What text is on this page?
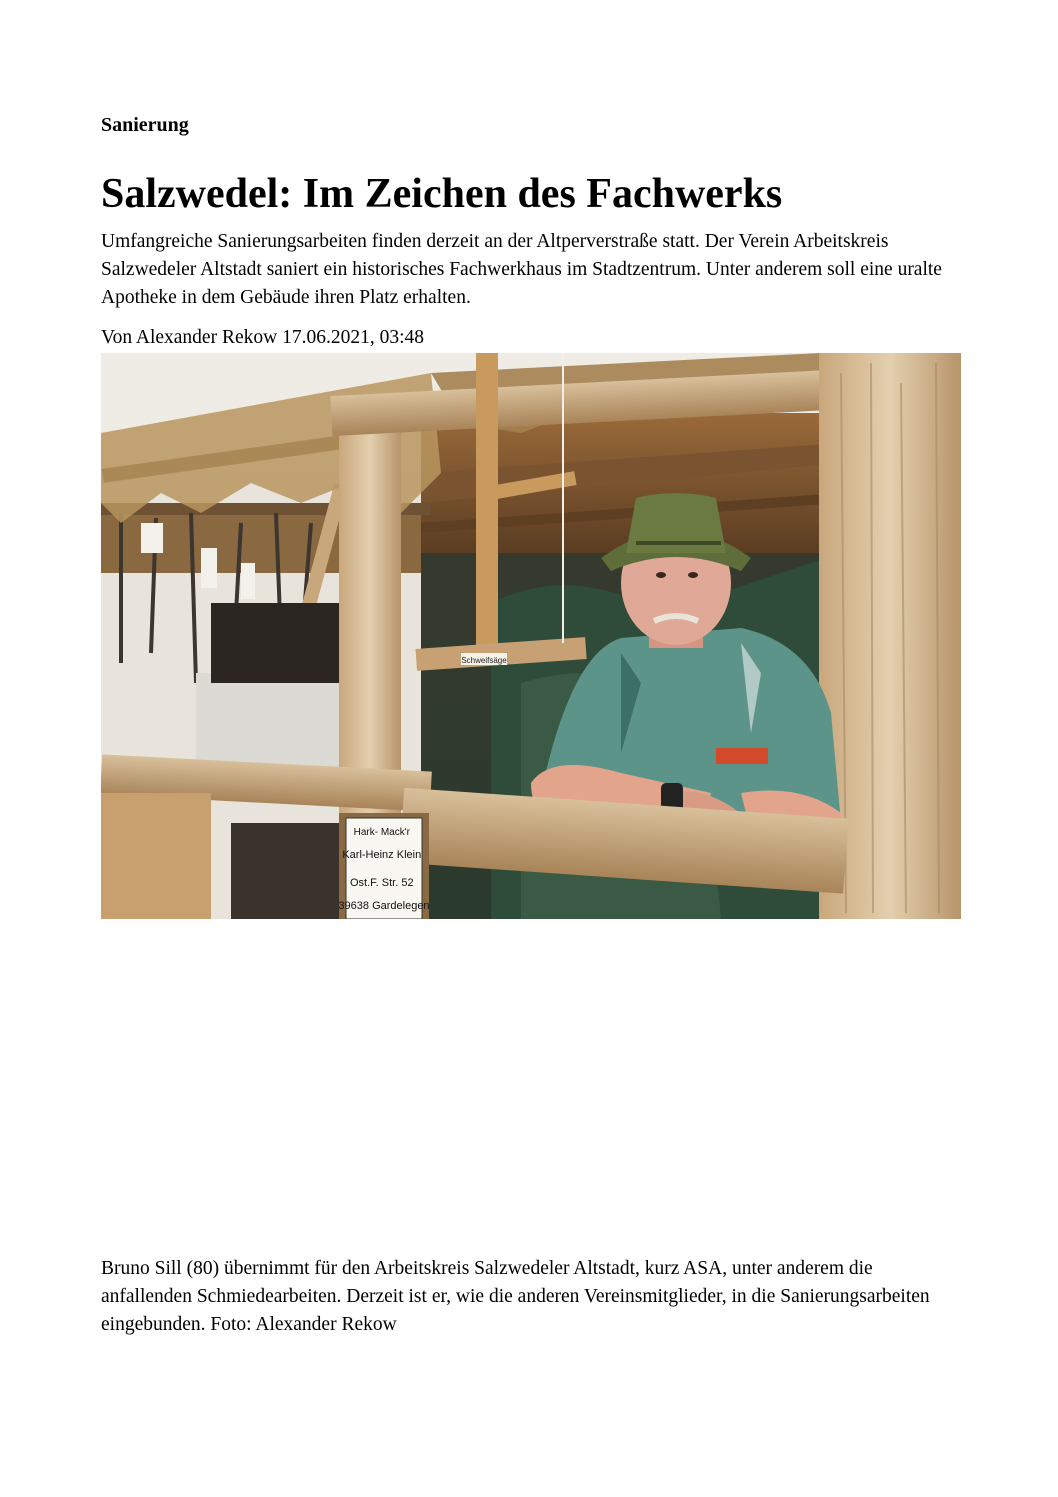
Sanierung

Salzwedel: Im Zeichen des Fachwerks

Umfangreiche Sanierungsarbeiten finden derzeit an der Altperverstraße statt. Der Verein Arbeitskreis Salzwedeler Altstadt saniert ein historisches Fachwerkhaus im Stadtzentrum. Unter anderem soll eine uralte Apotheke in dem Gebäude ihren Platz erhalten.

Von Alexander Rekow 17.06.2021, 03:48

Schweifsäge
Hark- Mack'r Karl-Heinz Klein Ost.F. Str. 52 39638 Gardelegen

Bruno Sill (80) übernimmt für den Arbeitskreis Salzwedeler Altstadt, kurz ASA, unter anderem die anfallenden Schmiedearbeiten. Derzeit ist er, wie die anderen Vereinsmitglieder, in die Sanierungsarbeiten eingebunden. Foto: Alexander Rekow
